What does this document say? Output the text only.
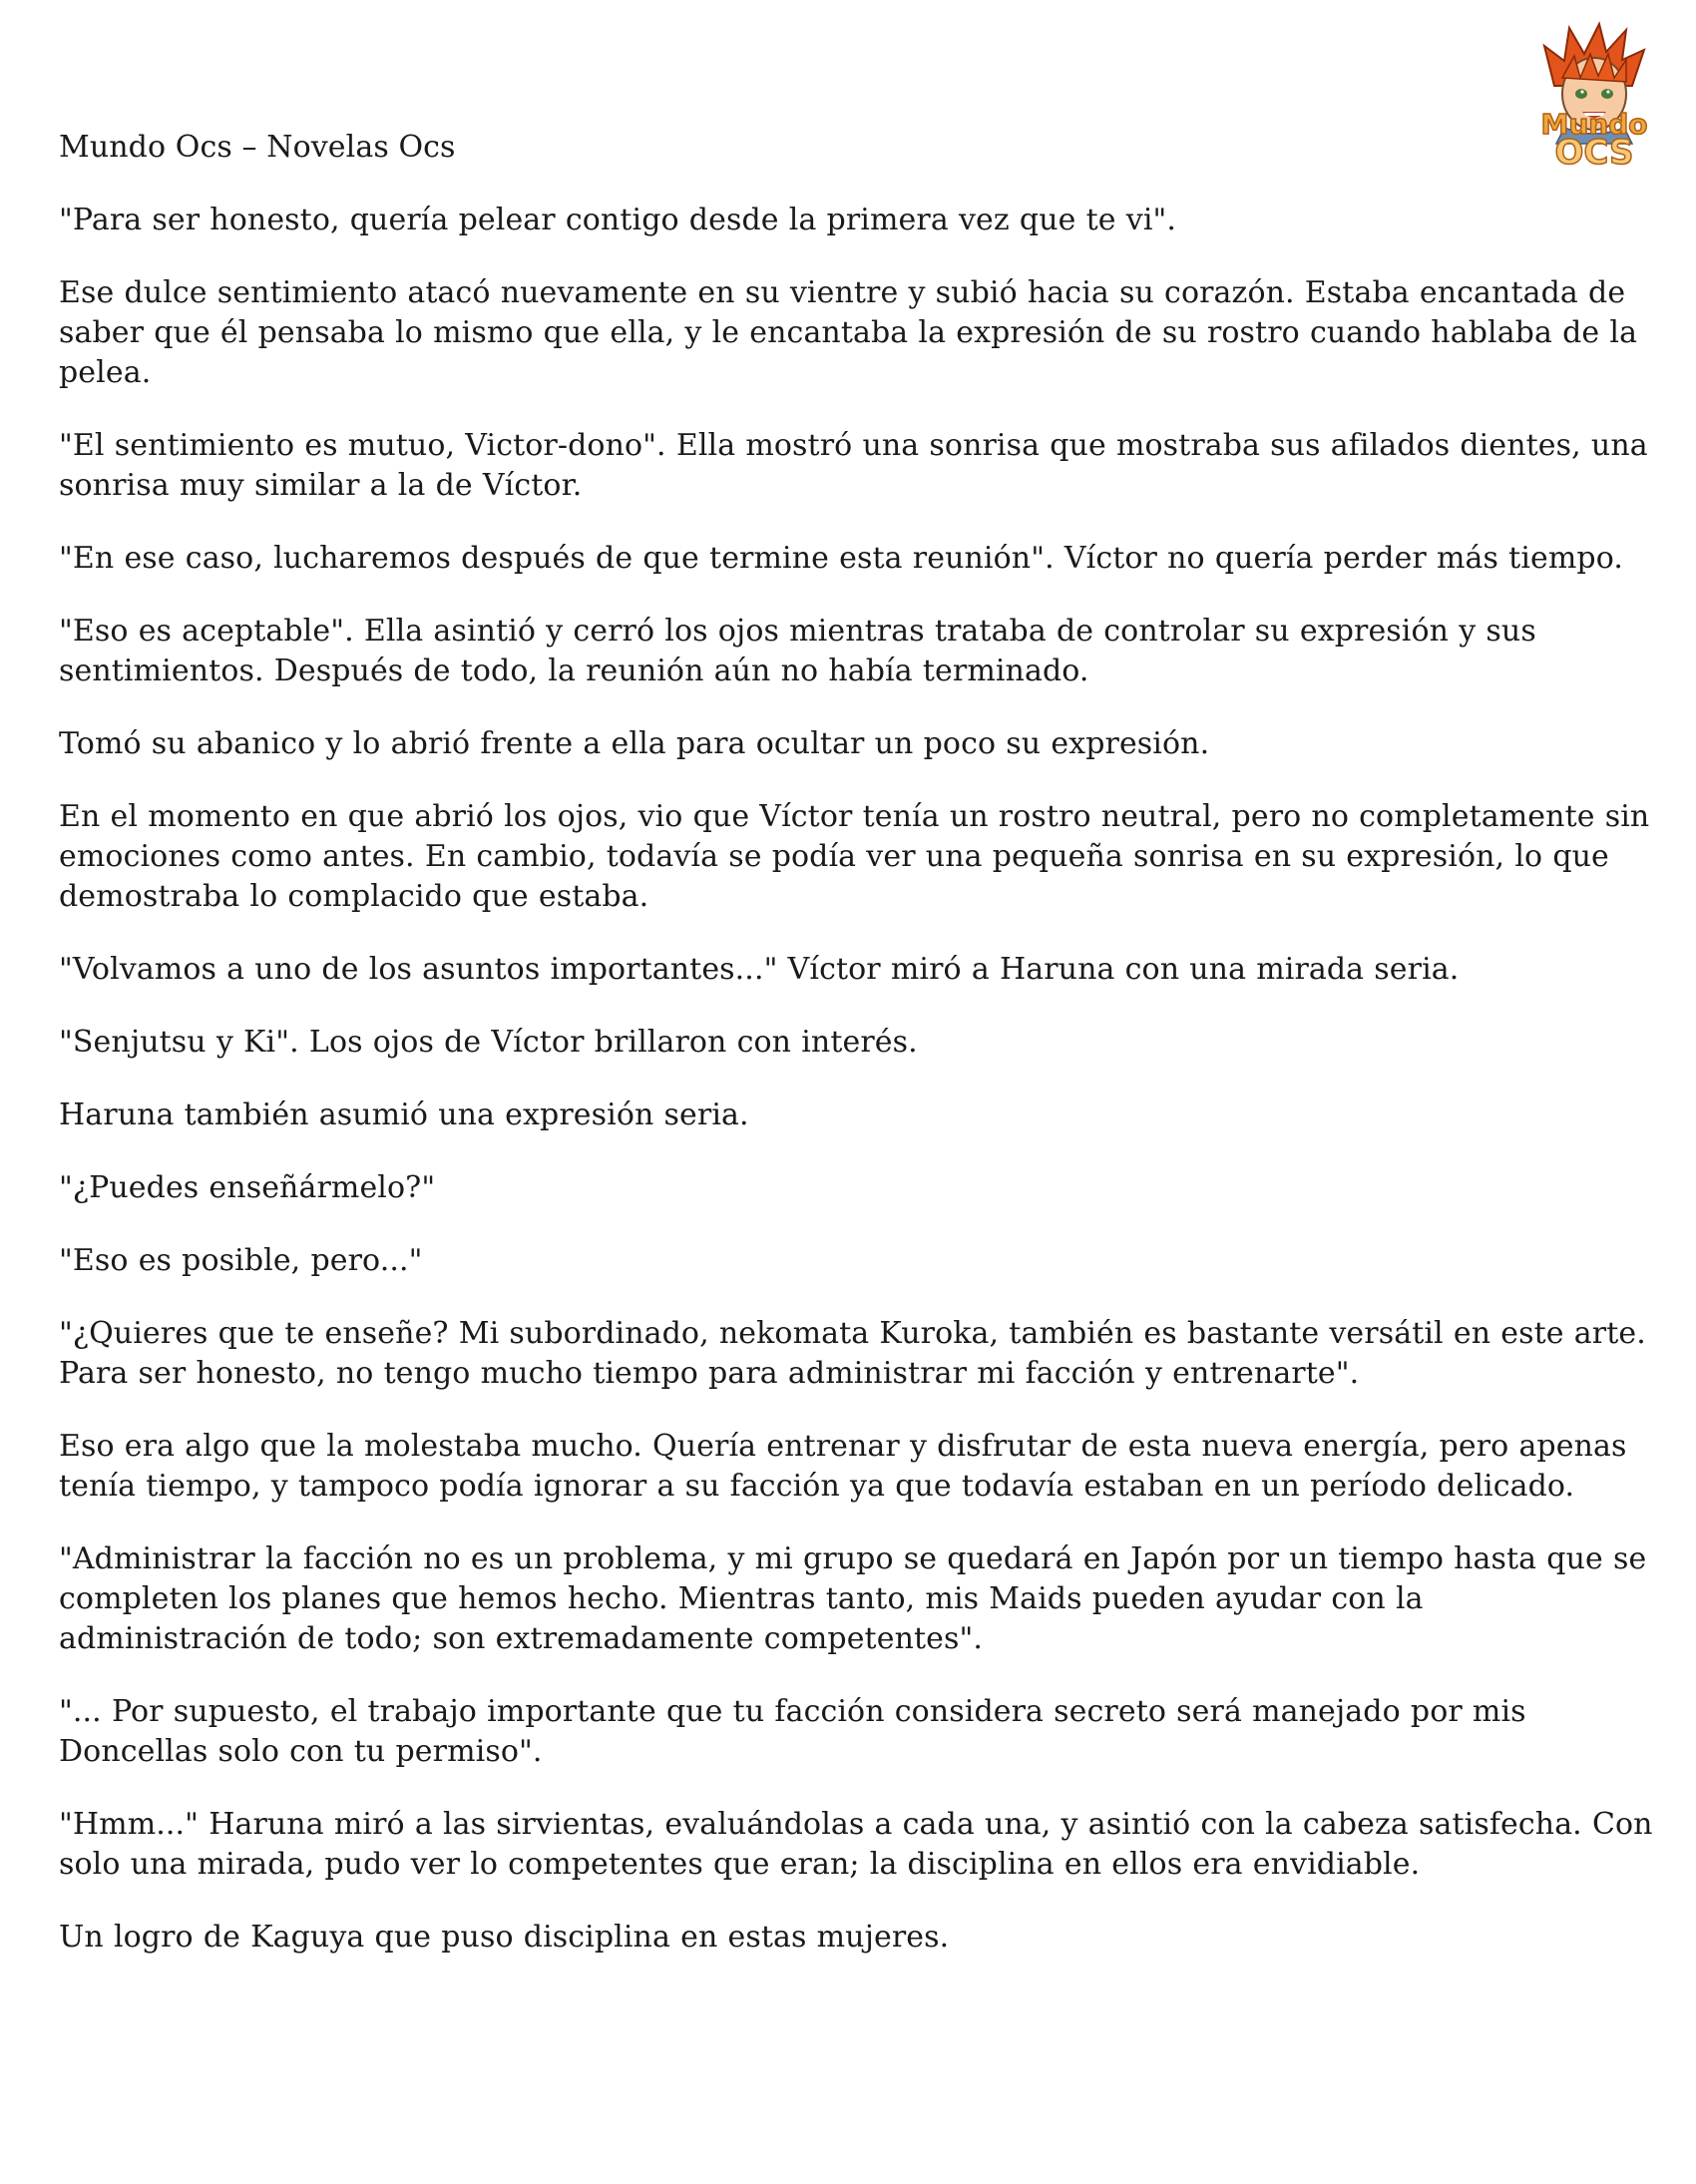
Mundo
OCS
Mundo Ocs – Novelas Ocs

"Para ser honesto, quería pelear contigo desde la primera vez que te vi".

Ese dulce sentimiento atacó nuevamente en su vientre y subió hacia su corazón. Estaba encantada de saber que él pensaba lo mismo que ella, y le encantaba la expresión de su rostro cuando hablaba de la pelea.

"El sentimiento es mutuo, Victor-dono". Ella mostró una sonrisa que mostraba sus afilados dientes, una sonrisa muy similar a la de Víctor.

"En ese caso, lucharemos después de que termine esta reunión". Víctor no quería perder más tiempo.

"Eso es aceptable". Ella asintió y cerró los ojos mientras trataba de controlar su expresión y sus sentimientos. Después de todo, la reunión aún no había terminado.

Tomó su abanico y lo abrió frente a ella para ocultar un poco su expresión.

En el momento en que abrió los ojos, vio que Víctor tenía un rostro neutral, pero no completamente sin emociones como antes. En cambio, todavía se podía ver una pequeña sonrisa en su expresión, lo que demostraba lo complacido que estaba.

"Volvamos a uno de los asuntos importantes..." Víctor miró a Haruna con una mirada seria.

"Senjutsu y Ki". Los ojos de Víctor brillaron con interés.

Haruna también asumió una expresión seria.

"¿Puedes enseñármelo?"

"Eso es posible, pero..."

"¿Quieres que te enseñe? Mi subordinado, nekomata Kuroka, también es bastante versátil en este arte. Para ser honesto, no tengo mucho tiempo para administrar mi facción y entrenarte".

Eso era algo que la molestaba mucho. Quería entrenar y disfrutar de esta nueva energía, pero apenas tenía tiempo, y tampoco podía ignorar a su facción ya que todavía estaban en un período delicado.

"Administrar la facción no es un problema, y mi grupo se quedará en Japón por un tiempo hasta que se completen los planes que hemos hecho. Mientras tanto, mis Maids pueden ayudar con la administración de todo; son extremadamente competentes".

"... Por supuesto, el trabajo importante que tu facción considera secreto será manejado por mis Doncellas solo con tu permiso".

"Hmm..." Haruna miró a las sirvientas, evaluándolas a cada una, y asintió con la cabeza satisfecha. Con solo una mirada, pudo ver lo competentes que eran; la disciplina en ellos era envidiable.

Un logro de Kaguya que puso disciplina en estas mujeres.
